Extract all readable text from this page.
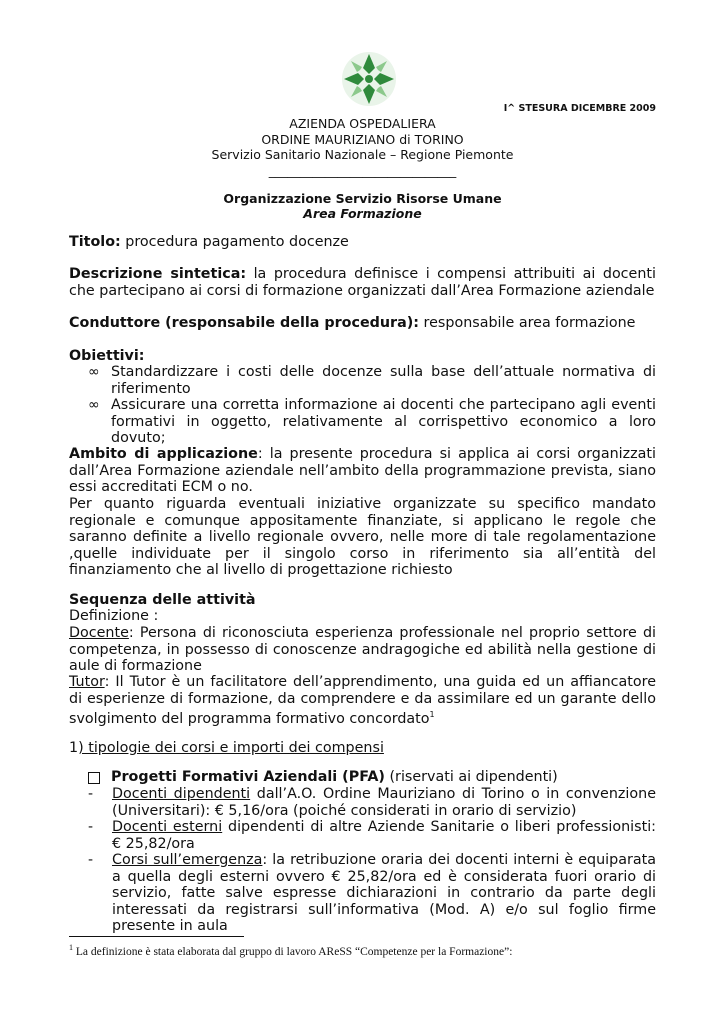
I^ STESURA DICEMBRE 2009
AZIENDA OSPEDALIERA
ORDINE MAURIZIANO di TORINO
Servizio Sanitario Nazionale – Regione Piemonte
______________________________
Organizzazione Servizio Risorse Umane
Area Formazione
Titolo: procedura pagamento docenze
Descrizione sintetica: la procedura definisce i compensi attribuiti ai docenti che partecipano ai corsi di formazione organizzati dall’Area Formazione aziendale
Conduttore (responsabile della procedura): responsabile area formazione
Obiettivi:
∞ Standardizzare i costi delle docenze sulla base dell’attuale normativa di riferimento
∞ Assicurare una corretta informazione ai docenti che partecipano agli eventi formativi in oggetto, relativamente al corrispettivo economico a loro dovuto;
Ambito di applicazione: la presente procedura si applica ai corsi organizzati dall’Area Formazione aziendale nell’ambito della programmazione prevista, siano essi accreditati ECM o no.
Per quanto riguarda eventuali iniziative organizzate su specifico mandato regionale e comunque appositamente finanziate, si applicano le regole che saranno definite a livello regionale ovvero, nelle more di tale regolamentazione ,quelle individuate per il singolo corso in riferimento sia all’entità del finanziamento che al livello di progettazione richiesto
Sequenza delle attività
Definizione :
Docente: Persona di riconosciuta esperienza professionale nel proprio settore di competenza, in possesso di conoscenze andragogiche ed abilità nella gestione di aule di formazione
Tutor: Il Tutor è un facilitatore dell’apprendimento, una guida ed un affiancatore di esperienze di formazione, da comprendere e da assimilare ed un garante dello svolgimento del programma formativo concordato$^1$
1) tipologie dei corsi e importi dei compensi
Progetti Formativi Aziendali (PFA) (riservati ai dipendenti)
- Docenti dipendenti dall’A.O. Ordine Mauriziano di Torino o in convenzione (Universitari): € 5,16/ora (poiché considerati in orario di servizio)
- Docenti esterni dipendenti di altre Aziende Sanitarie o liberi professionisti: € 25,82/ora
- Corsi sull’emergenza: la retribuzione oraria dei docenti interni è equiparata a quella degli esterni ovvero € 25,82/ora ed è considerata fuori orario di servizio, fatte salve espresse dichiarazioni in contrario da parte degli interessati da registrarsi sull’informativa (Mod. A) e/o sul foglio firme presente in aula
$^1$ La definizione è stata elaborata dal gruppo di lavoro AReSS “Competenze per la Formazione”:
